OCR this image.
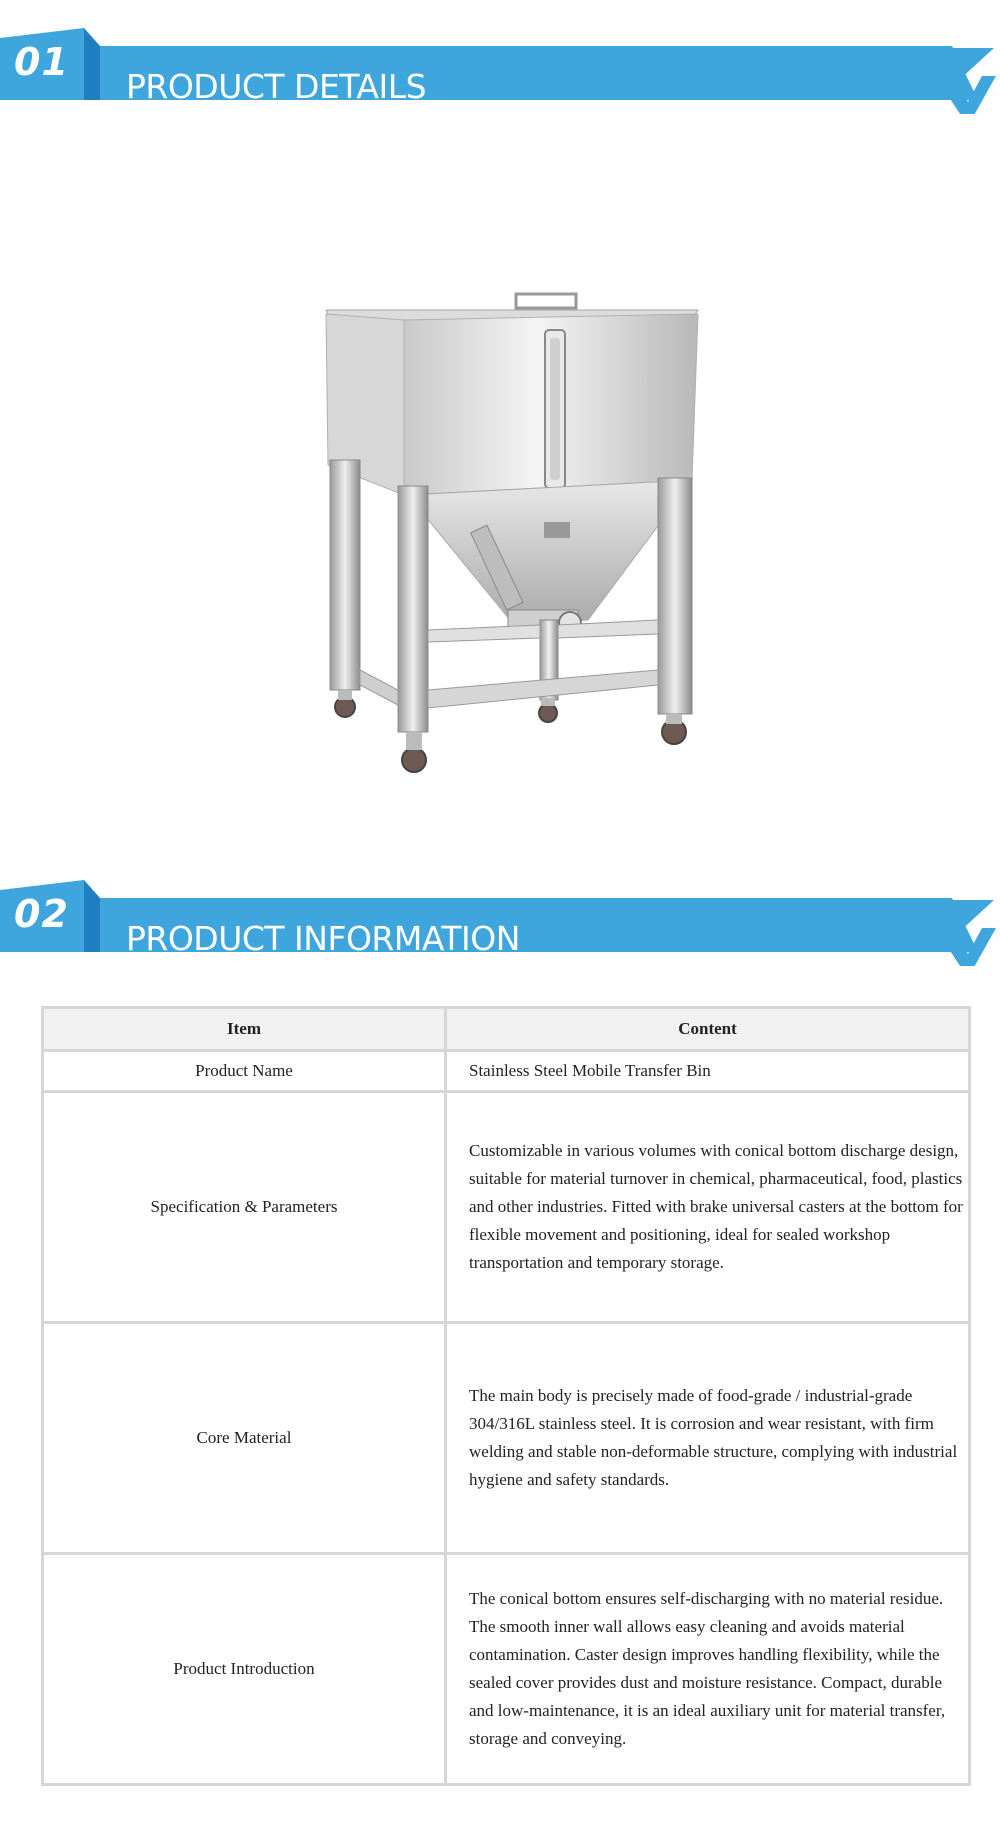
01
PRODUCT DETAILS
02
PRODUCT INFORMATION
Item	Content
Product Name	Stainless Steel Mobile Transfer Bin
Specification & Parameters	Customizable in various volumes with conical bottom discharge design, suitable for material turnover in chemical, pharmaceutical, food, plastics and other industries. Fitted with brake universal casters at the bottom for flexible movement and positioning, ideal for sealed workshop transportation and temporary storage.
Core Material	The main body is precisely made of food-grade / industrial-grade 304/316L stainless steel. It is corrosion and wear resistant, with firm welding and stable non-deformable structure, complying with industrial hygiene and safety standards.
Product Introduction	The conical bottom ensures self-discharging with no material residue. The smooth inner wall allows easy cleaning and avoids material contamination. Caster design improves handling flexibility, while the sealed cover provides dust and moisture resistance. Compact, durable and low-maintenance, it is an ideal auxiliary unit for material transfer, storage and conveying.
